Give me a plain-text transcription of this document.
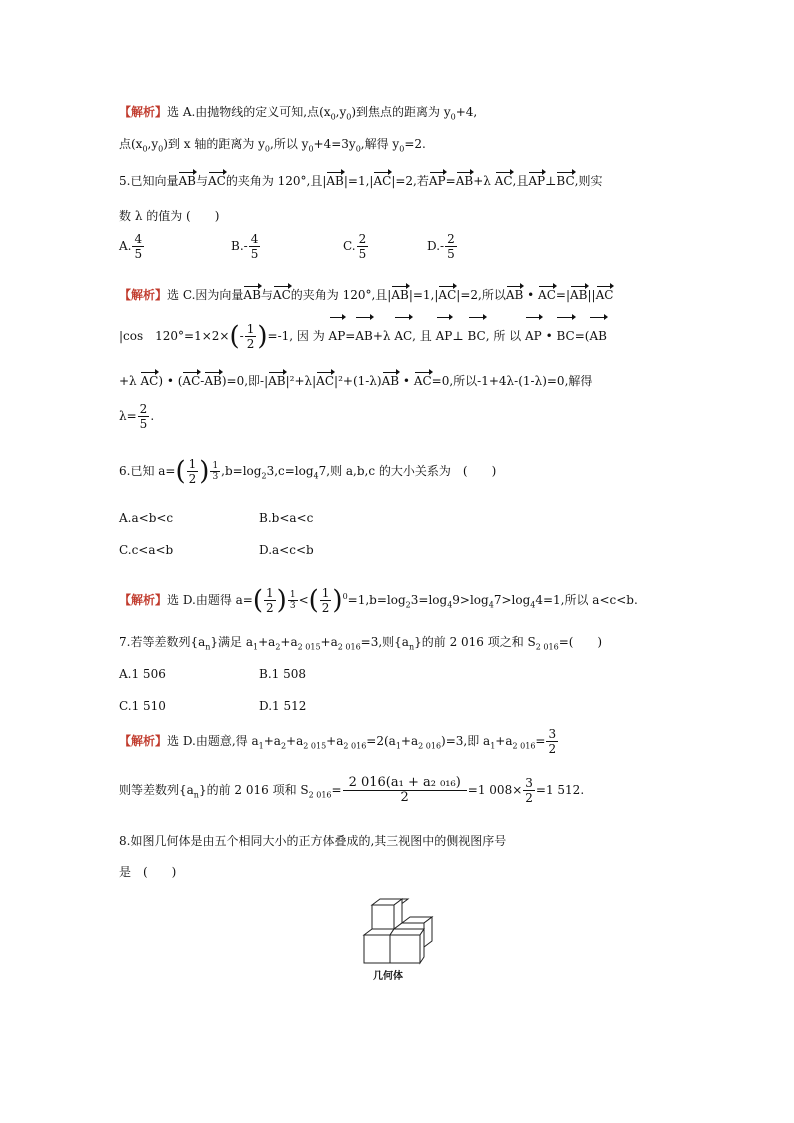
【解析】选 A.由抛物线的定义可知,点$(x_0,y_0)$到焦点的距离为 $y_0+4$,
点$(x_0,y_0)$到 x 轴的距离为 $y_0$,所以 $y_0+4=3y_0$,解得 $y_0=2$.
5.已知向量AB与AC的夹角为 120°,且|AB|=1,|AC|=2,若AP=AB+λ AC,且AP⊥BC,则实
数 λ 的值为 (　　)
A. $\frac{4}{5}$	$B.- \frac{4}{5}$	C. $\frac{2}{5}$	$D.- \frac{2}{5}$
【解析】选 C.因为向量AB与AC的夹角为 120°,且|AB|=1,|AC|=2,所以AB • AC=|AB||AC
|cos　$120^\circ=1\times 2\times(- \frac{1}{2} )=-1$, 因 为 AP=AB+λ AC, 且 AP⊥ BC, 所 以 AP • BC=(AB
+λ AC) • (AC-AB)=0,即-|AB|²+λ|AC|²+(1-λ)AB • AC=0,所以-1+4λ-(1-λ)=0,解得
$\lambda= \frac{2}{5}$ .
6.已知 $a=( \frac{1}{2}$ ) $\frac{1}{3} ,b=\log_23,c=\log_47$,则 a,b,c 的大小关系为　(　　)
A.a<b<c	B.b<a<c
C.c<a<b	D.a<c<b
【解析】选 D.由题得 $a=( \frac{1}{2}$ ) $\frac{1}{3}$ <( $\frac{1}{2} )^0=1,b=\log_23=\log_49>\log_47>\log_44=1$,所以 a<c<b.
7.若等差数列$\{a_n\}$满足 $a_1+a_2+a_{2 015}+a_{2 016}=3$,则$\{a_n\}$的前 2 016 项之和 $S_{2 016}=$(　　)
A.1 506	B.1 508
C.1 510	D.1 512
【解析】选 D.由题意,得 $a_1+a_2+a_{2 015}+a_{2 016}=2(a_1+a_{2 016})=3$,即 $a_1+a_{2 016}= \frac{3}{2}$
则等差数列$\{a_n\}$的前 2 016 项和 $S_{2 016}= \frac{\text{2 016(a₁ + a₂ ₀₁₆)}}{2} =1$ $008\times \frac{3}{2} =1$ 512.
8.如图几何体是由五个相同大小的正方体叠成的,其三视图中的侧视图序号
是　(　　)
几何体
